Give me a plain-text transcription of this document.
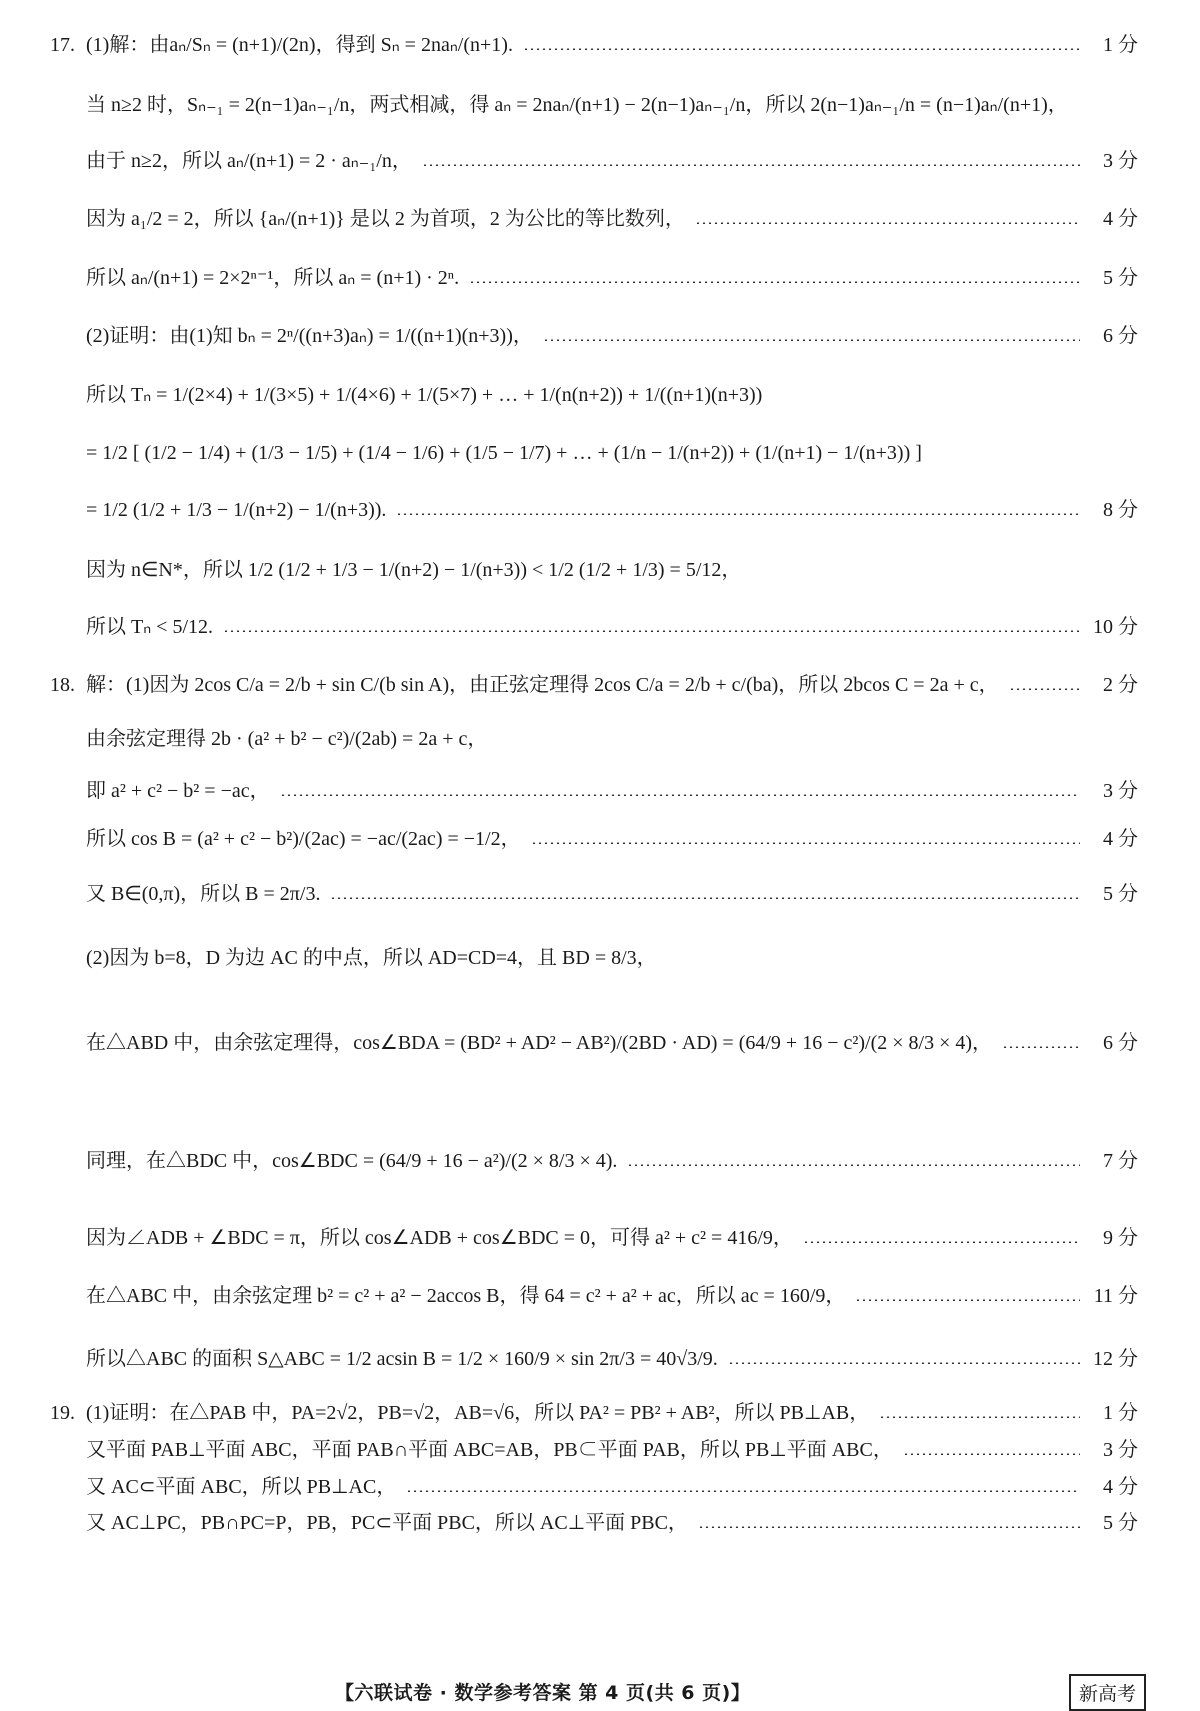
17. (1)解：由aₙ/Sₙ = (n+1)/(2n)，得到 Sₙ = 2naₙ/(n+1).	1 分
当 n≥2 时，Sₙ₋₁ = 2(n−1)aₙ₋₁/n，两式相减，得 aₙ = 2naₙ/(n+1) − 2(n−1)aₙ₋₁/n，所以 2(n−1)aₙ₋₁/n = (n−1)aₙ/(n+1)，
由于 n≥2，所以 aₙ/(n+1) = 2 · aₙ₋₁/n，	3 分
因为 a₁/2 = 2，所以 {aₙ/(n+1)} 是以 2 为首项，2 为公比的等比数列，	4 分
所以 aₙ/(n+1) = 2×2ⁿ⁻¹，所以 aₙ = (n+1) · 2ⁿ.	5 分
(2)证明：由(1)知 bₙ = 2ⁿ/((n+3)aₙ) = 1/((n+1)(n+3))，	6 分
所以 Tₙ = 1/(2×4) + 1/(3×5) + 1/(4×6) + 1/(5×7) + … + 1/(n(n+2)) + 1/((n+1)(n+3))
= 1/2 [ (1/2 − 1/4) + (1/3 − 1/5) + (1/4 − 1/6) + (1/5 − 1/7) + … + (1/n − 1/(n+2)) + (1/(n+1) − 1/(n+3)) ]
= 1/2 (1/2 + 1/3 − 1/(n+2) − 1/(n+3)).	8 分
因为 n∈N*，所以 1/2 (1/2 + 1/3 − 1/(n+2) − 1/(n+3)) < 1/2 (1/2 + 1/3) = 5/12，
所以 Tₙ < 5/12.	10 分
18. 解：(1)因为 2cos C/a = 2/b + sin C/(b sin A)，由正弦定理得 2cos C/a = 2/b + c/(ba)，所以 2bcos C = 2a + c，	2 分
由余弦定理得 2b · (a² + b² − c²)/(2ab) = 2a + c，
即 a² + c² − b² = −ac，	3 分
所以 cos B = (a² + c² − b²)/(2ac) = −ac/(2ac) = −1/2，	4 分
又 B∈(0,π)，所以 B = 2π/3.	5 分
(2)因为 b=8，D 为边 AC 的中点，所以 AD=CD=4，且 BD = 8/3，
在△ABD 中，由余弦定理得，cos∠BDA = (BD² + AD² − AB²)/(2BD · AD) = (64/9 + 16 − c²)/(2 × 8/3 × 4)，	6 分
同理，在△BDC 中，cos∠BDC = (64/9 + 16 − a²)/(2 × 8/3 × 4).	7 分
因为∠ADB + ∠BDC = π，所以 cos∠ADB + cos∠BDC = 0，可得 a² + c² = 416/9，	9 分
在△ABC 中，由余弦定理 b² = c² + a² − 2accos B，得 64 = c² + a² + ac，所以 ac = 160/9，	11 分
所以△ABC 的面积 S△ABC = 1/2 acsin B = 1/2 × 160/9 × sin 2π/3 = 40√3/9.	12 分
19. (1)证明：在△PAB 中，PA=2√2，PB=√2，AB=√6，所以 PA² = PB² + AB²，所以 PB⊥AB，	1 分
又平面 PAB⊥平面 ABC，平面 PAB∩平面 ABC=AB，PB⊂平面 PAB，所以 PB⊥平面 ABC，	3 分
又 AC⊂平面 ABC，所以 PB⊥AC，	4 分
又 AC⊥PC，PB∩PC=P，PB，PC⊂平面 PBC，所以 AC⊥平面 PBC，	5 分
【六联试卷 · 数学参考答案 第 4 页(共 6 页)】	新高考
